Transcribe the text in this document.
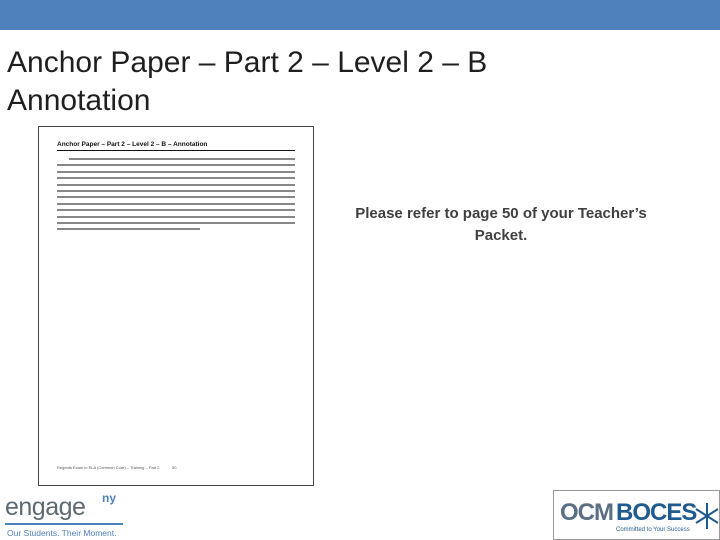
Anchor Paper – Part 2 – Level 2 – B Annotation
Anchor Paper – Part 2 – Level 2 – B – Annotation
Regents Exam in ELA (Common Core) – Training – Part 2	50
Please refer to page 50 of your Teacher’s Packet.
engage ny
Our Students. Their Moment.
OCM BOCES
Committed to Your Success
